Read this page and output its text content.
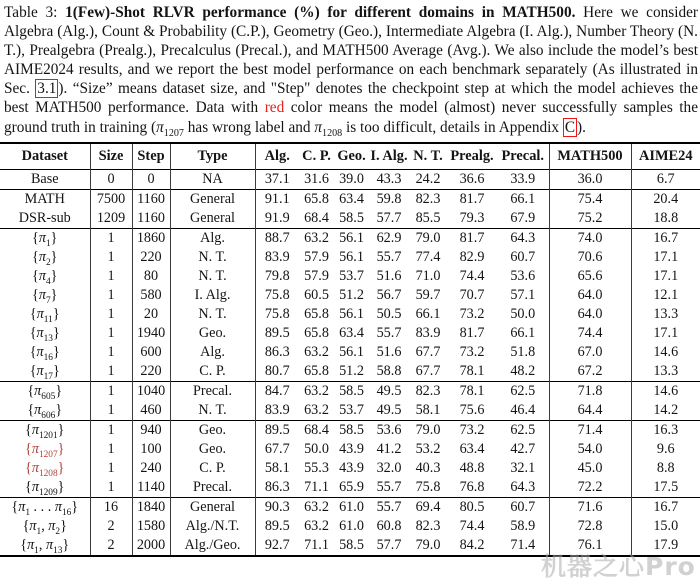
Table 3: 1(Few)-Shot RLVR performance (%) for different domains in MATH500. Here we consider Algebra (Alg.), Count & Probability (C.P.), Geometry (Geo.), Intermediate Algebra (I. Alg.), Number Theory (N. T.), Prealgebra (Prealg.), Precalculus (Precal.), and MATH500 Average (Avg.). We also include the model’s best AIME2024 results, and we report the best model performance on each benchmark separately (As illustrated in Sec. 3.1 ). “Size” means dataset size, and "Step" denotes the checkpoint step at which the model achieves the best MATH500 performance. Data with red color means the model (almost) never successfully samples the ground truth in training ($\pi_{1207}$ has wrong label and $\pi_{1208}$ is too difficult, details in Appendix C ).

Dataset	Size	Step	Type	Alg.	C. P.	Geo.	I. Alg.	N. T.	Prealg.	Precal.	MATH500	AIME24
Base	0	0	NA	37.1	31.6	39.0	43.3	24.2	36.6	33.9	36.0	6.7
MATH	7500	1160	General	91.1	65.8	63.4	59.8	82.3	81.7	66.1	75.4	20.4
DSR-sub	1209	1160	General	91.9	68.4	58.5	57.7	85.5	79.3	67.9	75.2	18.8
$\{\pi_1\}$	1	1860	Alg.	88.7	63.2	56.1	62.9	79.0	81.7	64.3	74.0	16.7
$\{\pi_2\}$	1	220	N. T.	83.9	57.9	56.1	55.7	77.4	82.9	60.7	70.6	17.1
$\{\pi_4\}$	1	80	N. T.	79.8	57.9	53.7	51.6	71.0	74.4	53.6	65.6	17.1
$\{\pi_7\}$	1	580	I. Alg.	75.8	60.5	51.2	56.7	59.7	70.7	57.1	64.0	12.1
$\{\pi_{11}\}$	1	20	N. T.	75.8	65.8	56.1	50.5	66.1	73.2	50.0	64.0	13.3
$\{\pi_{13}\}$	1	1940	Geo.	89.5	65.8	63.4	55.7	83.9	81.7	66.1	74.4	17.1
$\{\pi_{16}\}$	1	600	Alg.	86.3	63.2	56.1	51.6	67.7	73.2	51.8	67.0	14.6
$\{\pi_{17}\}$	1	220	C. P.	80.7	65.8	51.2	58.8	67.7	78.1	48.2	67.2	13.3
$\{\pi_{605}\}$	1	1040	Precal.	84.7	63.2	58.5	49.5	82.3	78.1	62.5	71.8	14.6
$\{\pi_{606}\}$	1	460	N. T.	83.9	63.2	53.7	49.5	58.1	75.6	46.4	64.4	14.2
$\{\pi_{1201}\}$	1	940	Geo.	89.5	68.4	58.5	53.6	79.0	73.2	62.5	71.4	16.3
$\{\pi_{1207}\}$	1	100	Geo.	67.7	50.0	43.9	41.2	53.2	63.4	42.7	54.0	9.6
$\{\pi_{1208}\}$	1	240	C. P.	58.1	55.3	43.9	32.0	40.3	48.8	32.1	45.0	8.8
$\{\pi_{1209}\}$	1	1140	Precal.	86.3	71.1	65.9	55.7	75.8	76.8	64.3	72.2	17.5
{$\pi_1$ . . . $\pi_{16}$}	16	1840	General	90.3	63.2	61.0	55.7	69.4	80.5	60.7	71.6	16.7
{$\pi_1$, $\pi_2$}	2	1580	Alg./N.T.	89.5	63.2	61.0	60.8	82.3	74.4	58.9	72.8	15.0
{$\pi_1$, $\pi_{13}$}	2	2000	Alg./Geo.	92.7	71.1	58.5	57.7	79.0	84.2	71.4	76.1	17.9
机器之心Pro
